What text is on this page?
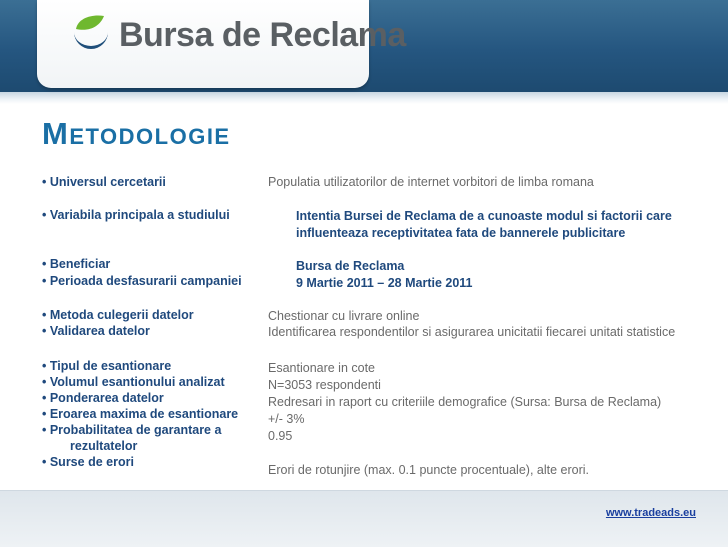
Bursa de Reclama
Metodologie
• Universul cercetarii	Populatia utilizatorilor de internet vorbitori de limba romana
• Variabila principala a studiului	Intentia Bursei de Reclama de a cunoaste modul si factorii care
influenteaza receptivitatea fata de bannerele publicitare
• Beneficiar
• Perioada desfasurarii campaniei
Bursa de Reclama
9 Martie 2011 – 28 Martie 2011
• Metoda culegerii datelor
• Validarea datelor
Chestionar cu livrare online
Identificarea respondentilor si asigurarea unicitatii fiecarei unitati statistice
• Tipul de esantionare
• Volumul esantionului analizat
• Ponderarea datelor
• Eroarea maxima de esantionare
• Probabilitatea de garantare a
rezultatelor
• Surse de erori
Esantionare in cote
N=3053 respondenti
Redresari in raport cu criteriile demografice (Sursa: Bursa de Reclama)
+/- 3%
0.95
Erori de rotunjire (max. 0.1 puncte procentuale), alte erori.
www.tradeads.eu
